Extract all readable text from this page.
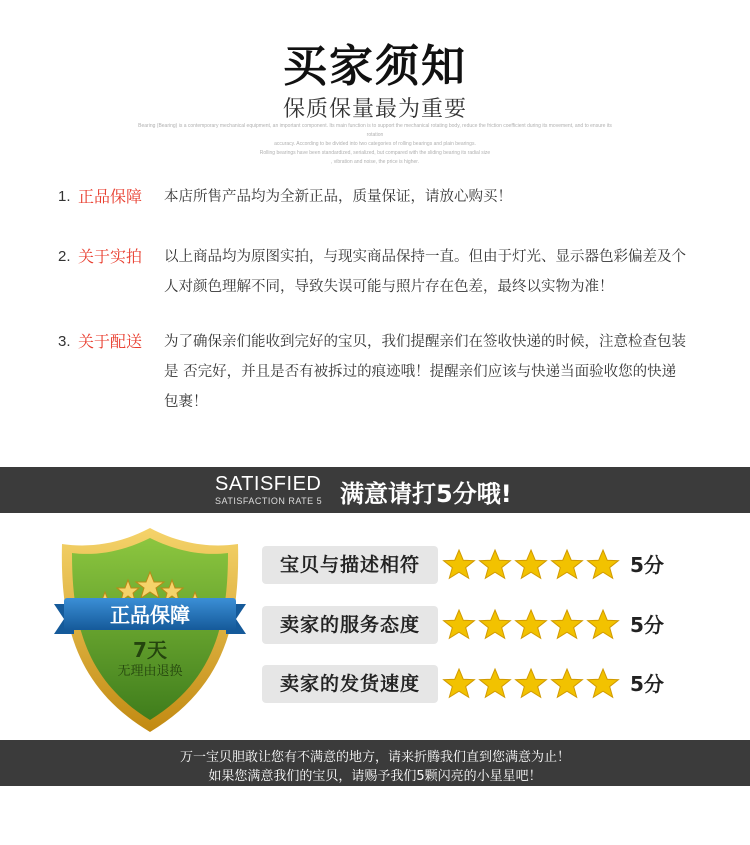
买家须知
保质保量最为重要
Bearing (Bearing) is a contemporary mechanical equipment, an important component. Its main function is to support the mechanical rotating body, reduce the friction coefficient during its movement, and to ensure its rotation
accuracy. According to be divided into two categories of rolling bearings and plain bearings.
Rolling bearings have been standardized, serialized, but compared with the sliding bearing its radial size
, vibration and noise, the price is higher.
1. 正品保障	本店所售产品均为全新正品，质量保证，请放心购买！
2. 关于实拍	以上商品均为原图实拍，与现实商品保持一直。但由于灯光、显示器色彩偏差及个人对颜色理解不同，导致失误可能与照片存在色差，最终以实物为准！
3. 关于配送	为了确保亲们能收到完好的宝贝，我们提醒亲们在签收快递的时候，注意检查包装是 否完好，并且是否有被拆过的痕迹哦！提醒亲们应该与快递当面验收您的快递包裹！
SATISFIED
SATISFACTION RATE 5 满意请打5分哦!
正品保障
7天
无理由退换
宝贝与描述相符	5分
卖家的服务态度	5分
卖家的发货速度	5分
万一宝贝胆敢让您有不满意的地方，请来折腾我们直到您满意为止！
如果您满意我们的宝贝，请赐予我们5颗闪亮的小星星吧！
